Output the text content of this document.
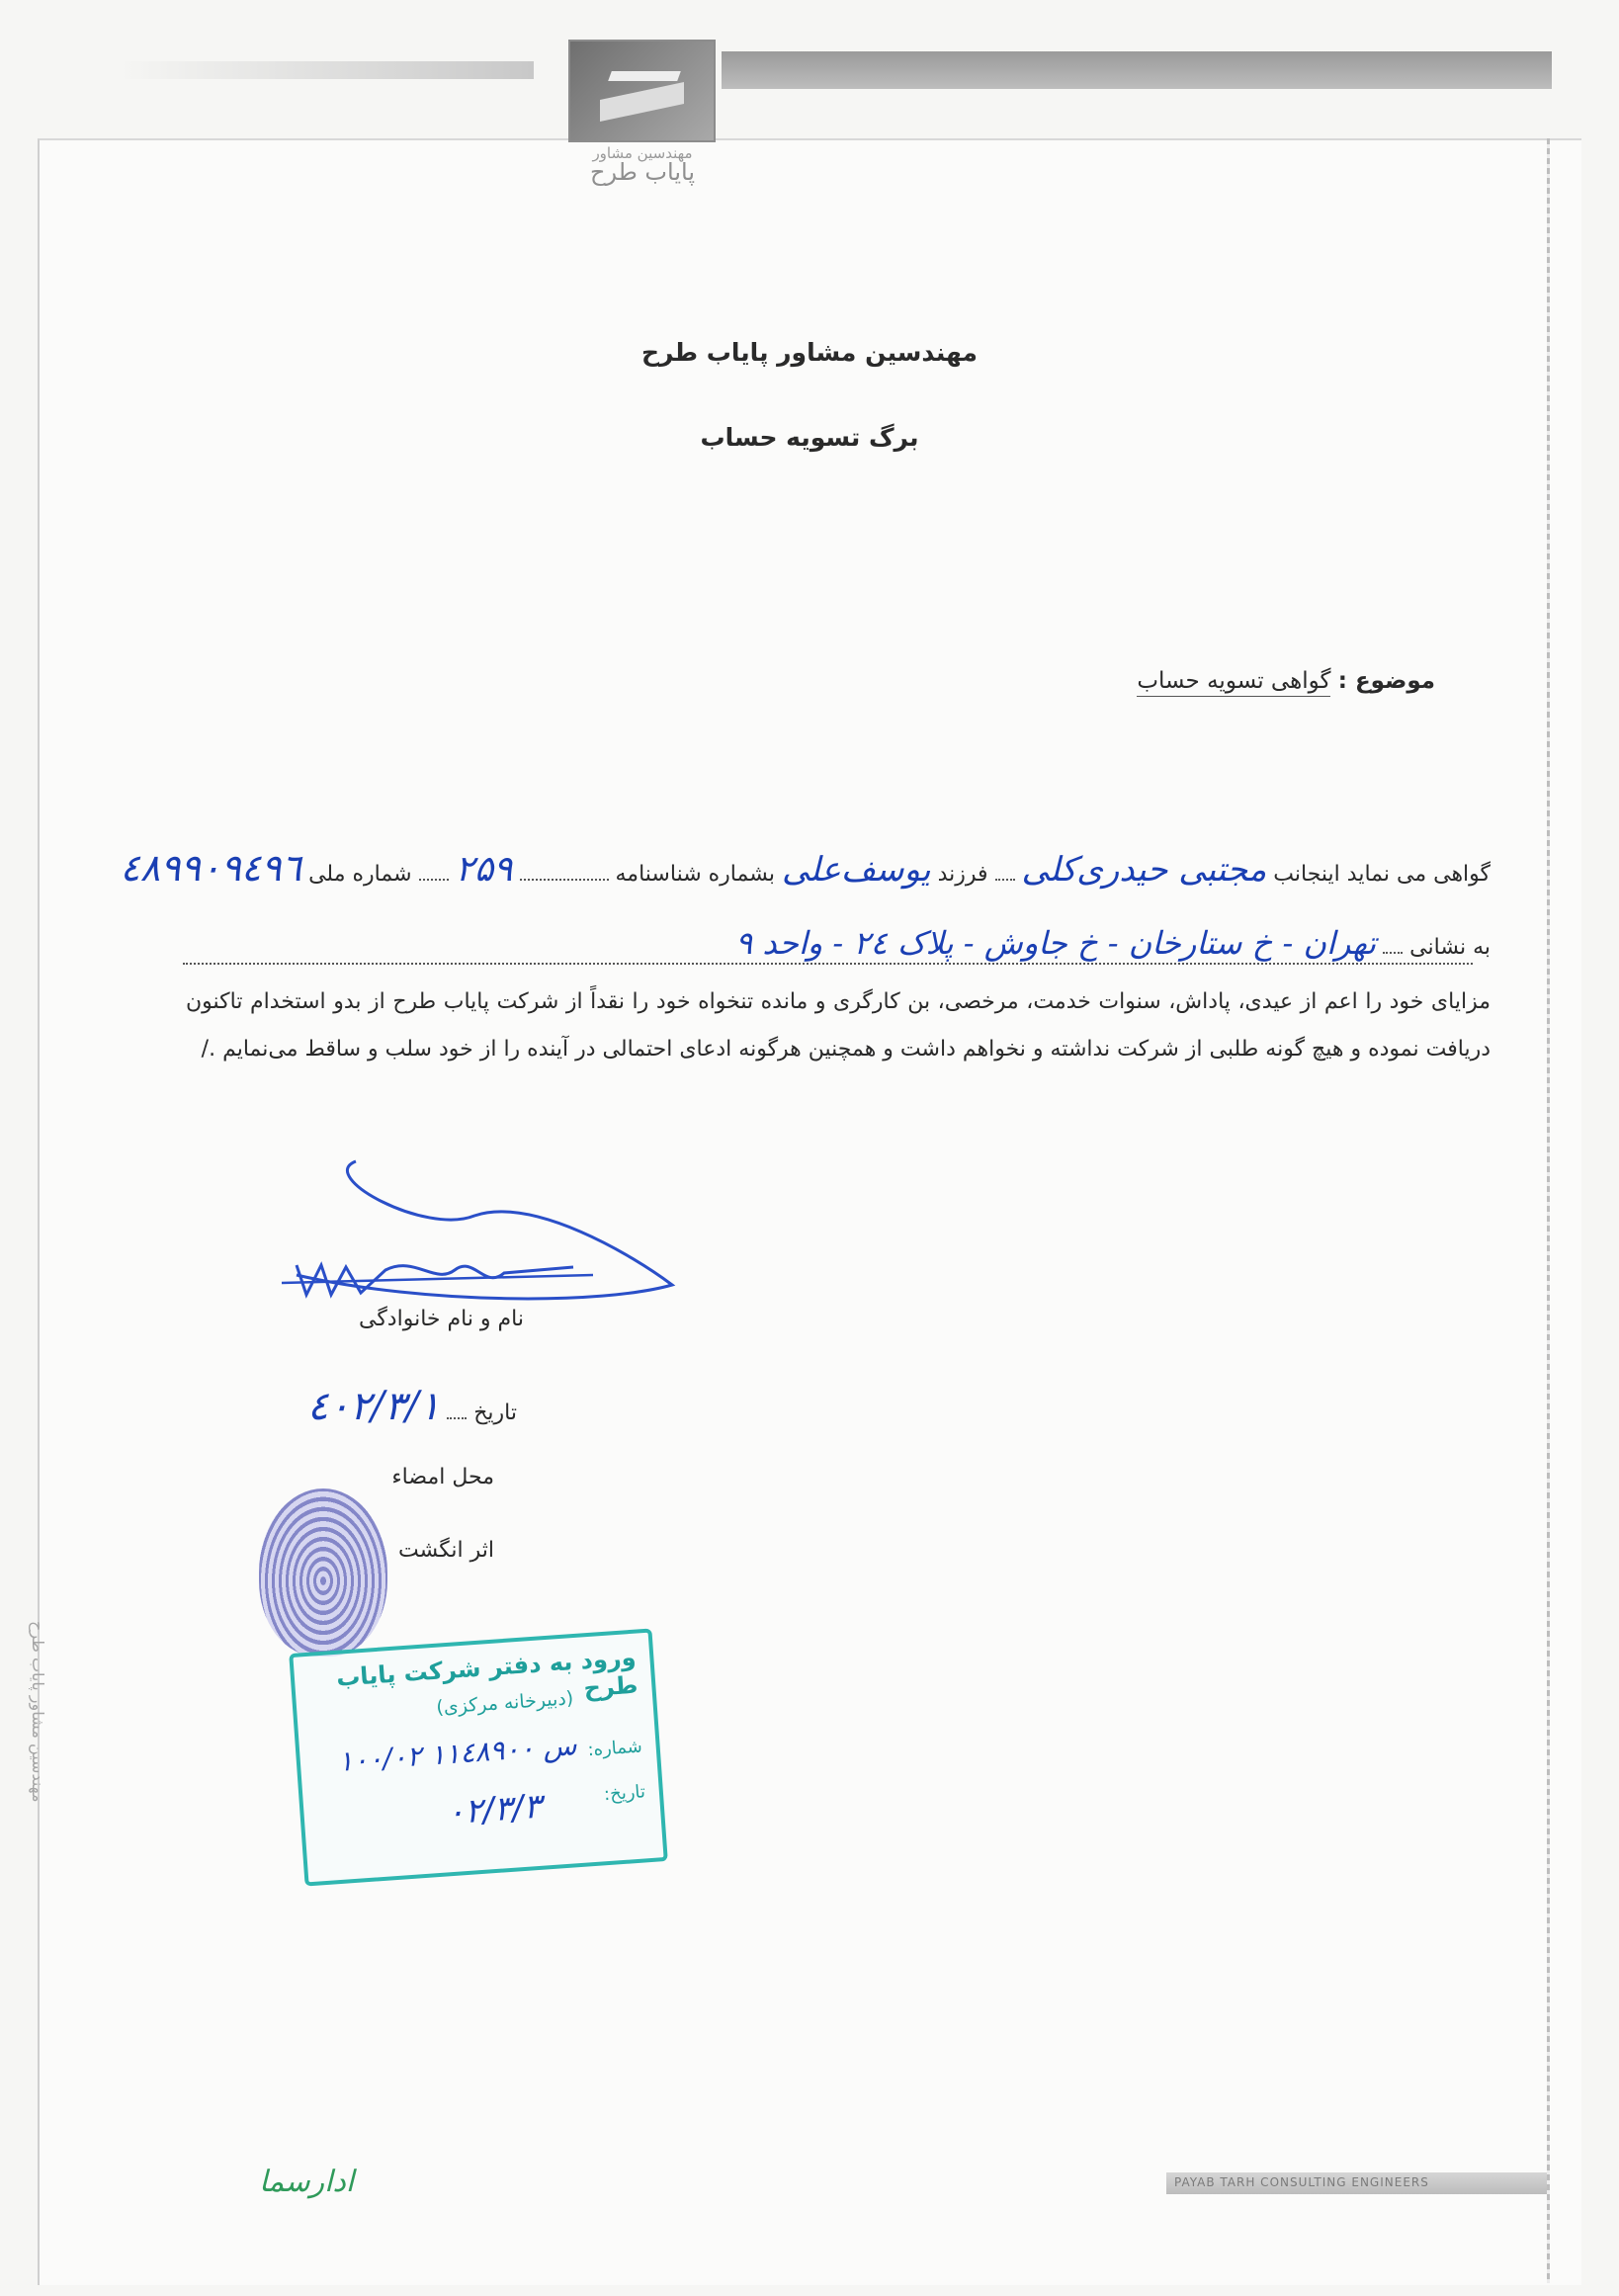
مهندسین مشاور
پایاب طرح
مهندسین مشاور پایاب طرح
برگ تسویه حساب
موضوع : گواهی تسویه حساب
گواهی می نماید اینجانب مجتبی حیدری‌کلی  فرزند یوسف‌علی بشماره شناسنامه  ۲۵۹  شماره ملی ٤٨٩٩٠٩٤٩٦
به نشانی  تهران - خ ستارخان - خ جاوش - پلاک ٢٤ - واحد ۹
مزایای خود را اعم از عیدی، پاداش، سنوات خدمت، مرخصی، بن کارگری و مانده تنخواه خود را نقداً از شرکت پایاب طرح از بدو استخدام تاکنون دریافت نموده و هیچ گونه طلبی از شرکت نداشته و نخواهم داشت و همچنین هرگونه ادعای احتمالی در آینده را از خود سلب و ساقط می‌نمایم ./
نام و نام خانوادگی
تاریخ  ٤٠٢/٣/١
محل امضاء
اثر انگشت
ورود به دفتر شرکت پایاب طرح
(دبیرخانه مرکزی)
شماره:
۱۰۰/۰۲ س ۱۱٤٨۹۰۰
تاریخ:
۰۲/۳/۳
مهندسین مشاور پایاب طرح
ادارسما	PAYAB TARH CONSULTING ENGINEERS
